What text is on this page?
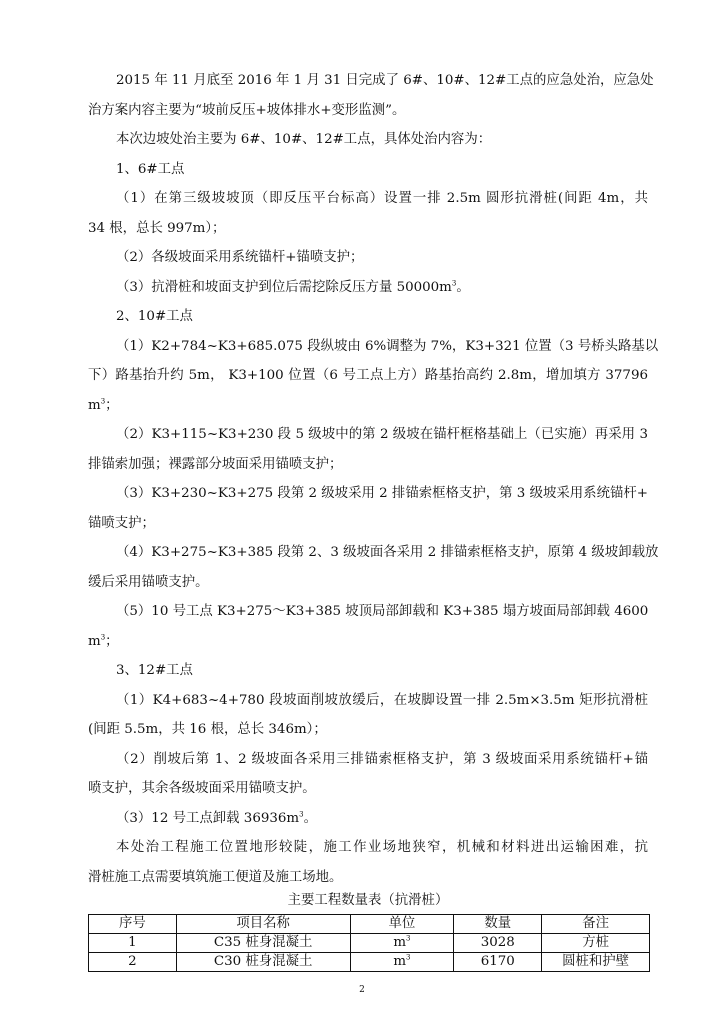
2015 年 11 月底至 2016 年 1 月 31 日完成了 6#、10#、12#工点的应急处治，应急处

治方案内容主要为“坡前反压+坡体排水+变形监测”。

本次边坡处治主要为 6#、10#、12#工点，具体处治内容为：

1、6#工点

（1）在第三级坡坡顶（即反压平台标高）设置一排 2.5m 圆形抗滑桩(间距 4m，共

34 根，总长 997m）；

（2）各级坡面采用系统锚杆+锚喷支护；

（3）抗滑桩和坡面支护到位后需挖除反压方量 $50000m^3$。

2、10#工点

（1）K2+784~K3+685.075 段纵坡由 6%调整为 7%，K3+321 位置（3 号桥头路基以

下）路基抬升约 5m， K3+100 位置（6 号工点上方）路基抬高约 2.8m，增加填方 37796

$m^3$；

（2）K3+115~K3+230 段 5 级坡中的第 2 级坡在锚杆框格基础上（已实施）再采用 3

排锚索加强；裸露部分坡面采用锚喷支护；

（3）K3+230~K3+275 段第 2 级坡采用 2 排锚索框格支护，第 3 级坡采用系统锚杆+

锚喷支护；

（4）K3+275~K3+385 段第 2、3 级坡面各采用 2 排锚索框格支护，原第 4 级坡卸载放

缓后采用锚喷支护。

（5）10 号工点 K3+275～K3+385 坡顶局部卸载和 K3+385 塌方坡面局部卸载 4600

$m^3$；

3、12#工点

（1）K4+683~4+780 段坡面削坡放缓后，在坡脚设置一排 2.5m×3.5m 矩形抗滑桩

(间距 5.5m，共 16 根，总长 346m）；

（2）削坡后第 1、2 级坡面各采用三排锚索框格支护，第 3 级坡面采用系统锚杆+锚

喷支护，其余各级坡面采用锚喷支护。

（3）12 号工点卸载 $36936m^3$。

本处治工程施工位置地形较陡，施工作业场地狭窄，机械和材料进出运输困难，抗

滑桩施工点需要填筑施工便道及施工场地。

主要工程数量表（抗滑桩）

序号	项目名称	单位	数量	备注
1	C35 桩身混凝土	$m^3$	3028	方桩
2	C30 桩身混凝土	$m^3$	6170	圆桩和护壁
2
